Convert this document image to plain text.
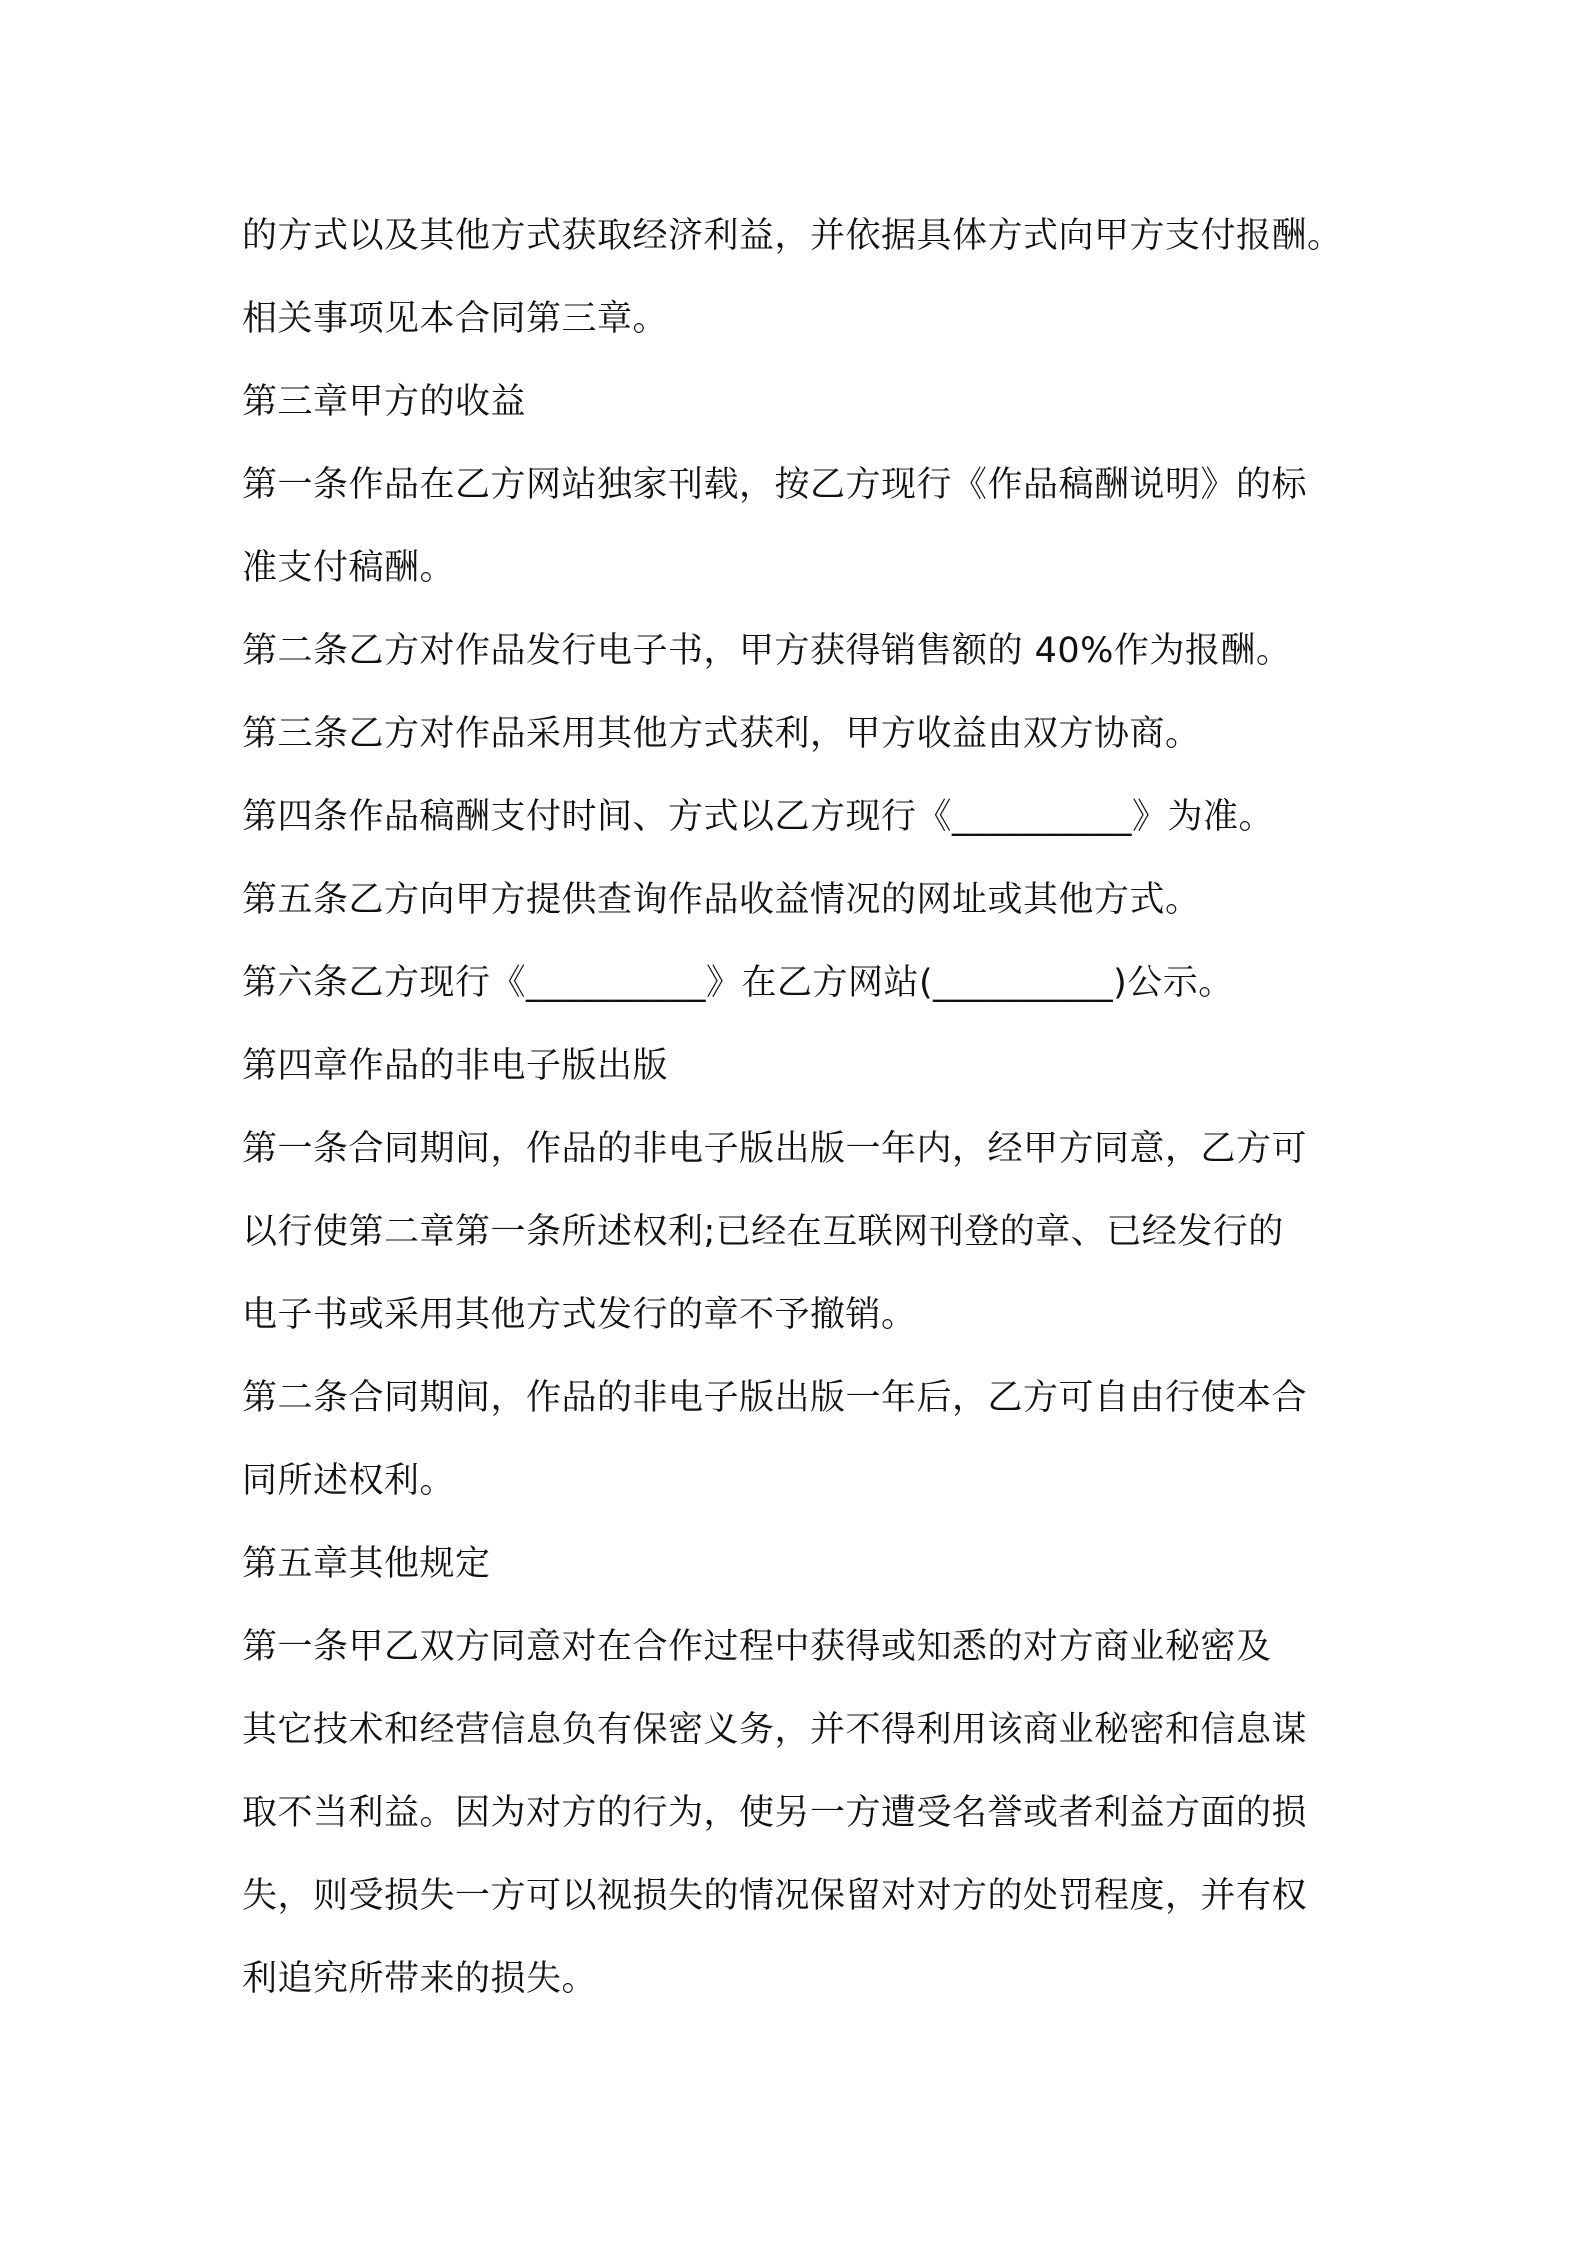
的方式以及其他方式获取经济利益，并依据具体方式向甲方支付报酬。

相关事项见本合同第三章。

第三章甲方的收益

第一条作品在乙方网站独家刊载，按乙方现行《作品稿酬说明》的标

准支付稿酬。

第二条乙方对作品发行电子书，甲方获得销售额的 40%作为报酬。

第三条乙方对作品采用其他方式获利，甲方收益由双方协商。

第四条作品稿酬支付时间、方式以乙方现行《__________》为准。

第五条乙方向甲方提供查询作品收益情况的网址或其他方式。

第六条乙方现行《__________》在乙方网站(__________)公示。

第四章作品的非电子版出版

第一条合同期间，作品的非电子版出版一年内，经甲方同意，乙方可

以行使第二章第一条所述权利;已经在互联网刊登的章、已经发行的

电子书或采用其他方式发行的章不予撤销。

第二条合同期间，作品的非电子版出版一年后，乙方可自由行使本合

同所述权利。

第五章其他规定

第一条甲乙双方同意对在合作过程中获得或知悉的对方商业秘密及

其它技术和经营信息负有保密义务，并不得利用该商业秘密和信息谋

取不当利益。因为对方的行为，使另一方遭受名誉或者利益方面的损

失，则受损失一方可以视损失的情况保留对对方的处罚程度，并有权

利追究所带来的损失。
